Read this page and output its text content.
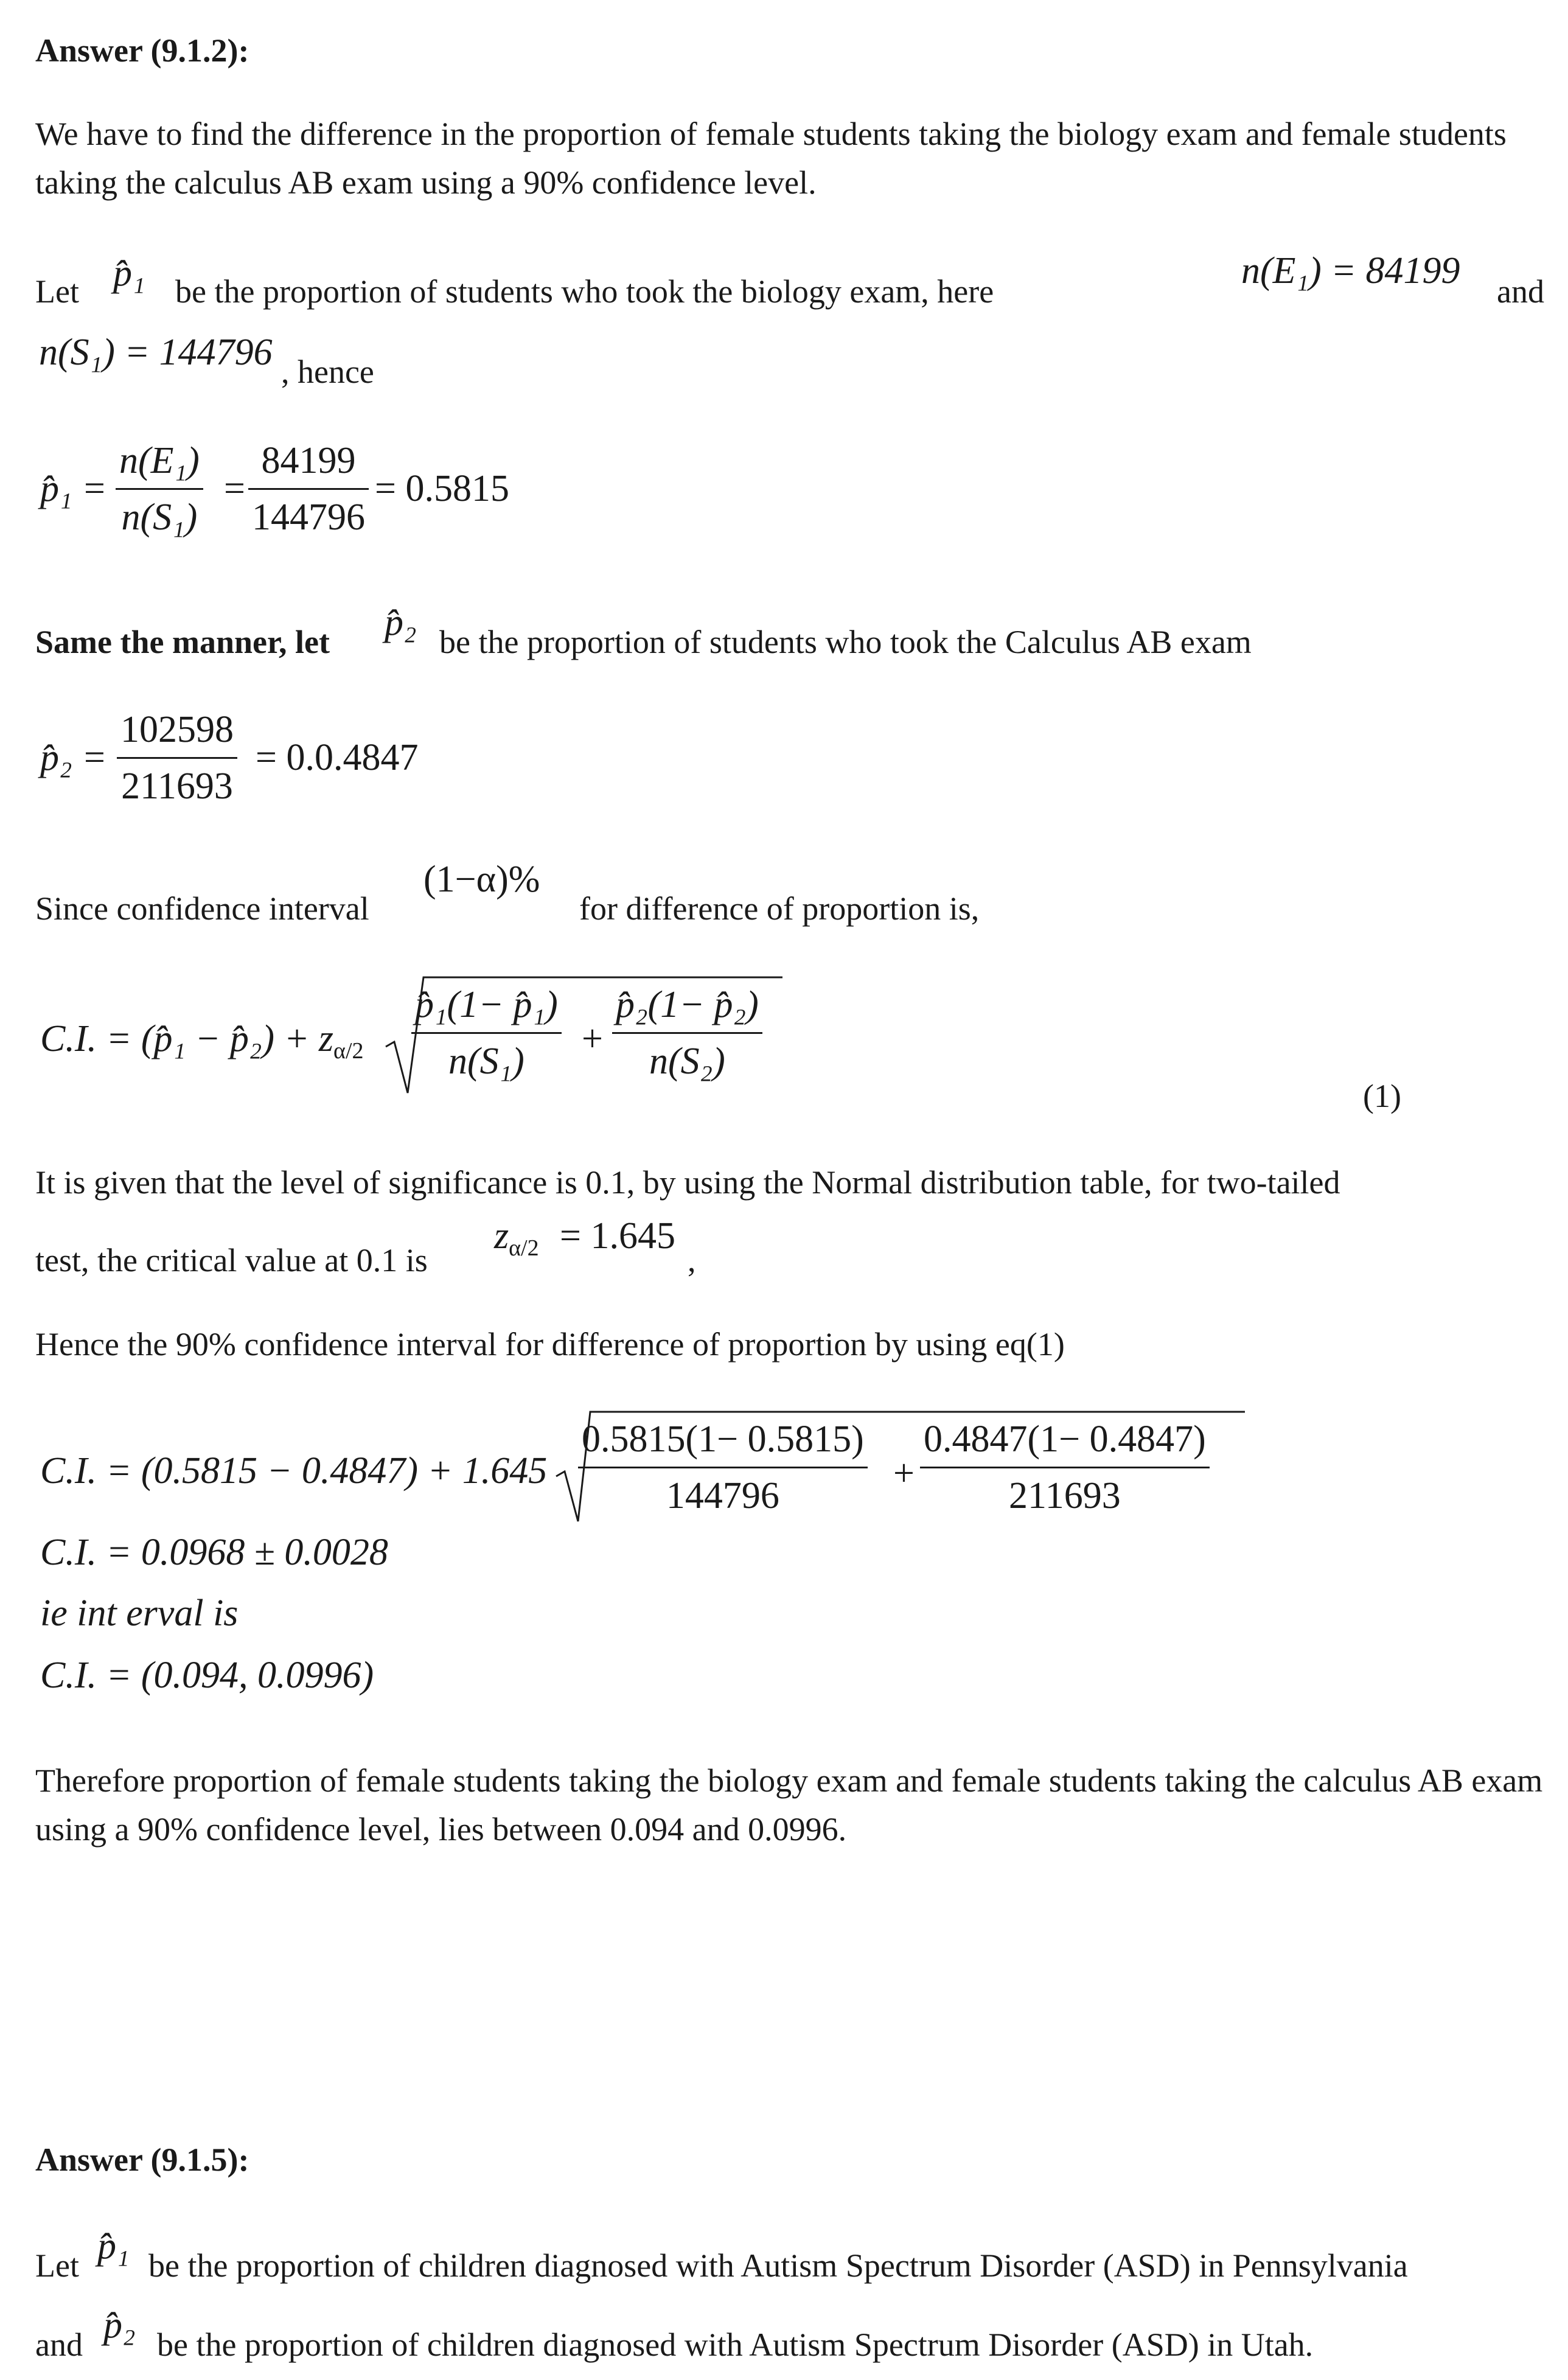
Answer (9.1.2):
We have to find the difference in the proportion of female students taking the biology exam and female students taking the calculus AB exam using a 90% confidence level.
Let p̂₁ be the proportion of students who took the biology exam, here	n(E₁) = 84199 and
n(S₁) = 144796 , hence
p̂₁ = $\frac{\text{n(E₁)}}{\text{n(S₁)}} = \frac{84199}{144796} = 0.5815$
Same the manner, let p̂₂ be the proportion of students who took the Calculus AB exam
p̂₂ = $\frac{102598}{211693} = 0.0.4847$
Since confidence interval
(1−α)%
for difference of proportion is,
C.I. = (p̂₁ − p̂₂) + $z_{\alpha/2} \frac{\text{p̂₁(1− p̂₁)}}{\text{n(S₁)}} + \frac{\text{p̂₂(1− p̂₂)}}{\text{n(S₂)}}$
(1)
It is given that the level of significance is 0.1, by using the Normal distribution table, for two-tailed
test, the critical value at 0.1 is
$z_{\alpha/2} = 1.645$
,
Hence the 90% confidence interval for difference of proportion by using eq(1)
C.I. = $(0.5815 - 0.4847) + 1.645 \frac{0.5815(1- 0.5815)}{144796} + \frac{0.4847(1- 0.4847)}{211693}$
C.I. = 0.0968 ± 0.0028
ie int erval is
C.I. = (0.094, 0.0996)
Therefore proportion of female students taking the biology exam and female students taking the calculus AB exam using a 90% confidence level, lies between 0.094 and 0.0996.
Answer (9.1.5):
Let p̂₁ be the proportion of children diagnosed with Autism Spectrum Disorder (ASD) in Pennsylvania
and p̂₂ be the proportion of children diagnosed with Autism Spectrum Disorder (ASD) in Utah.
